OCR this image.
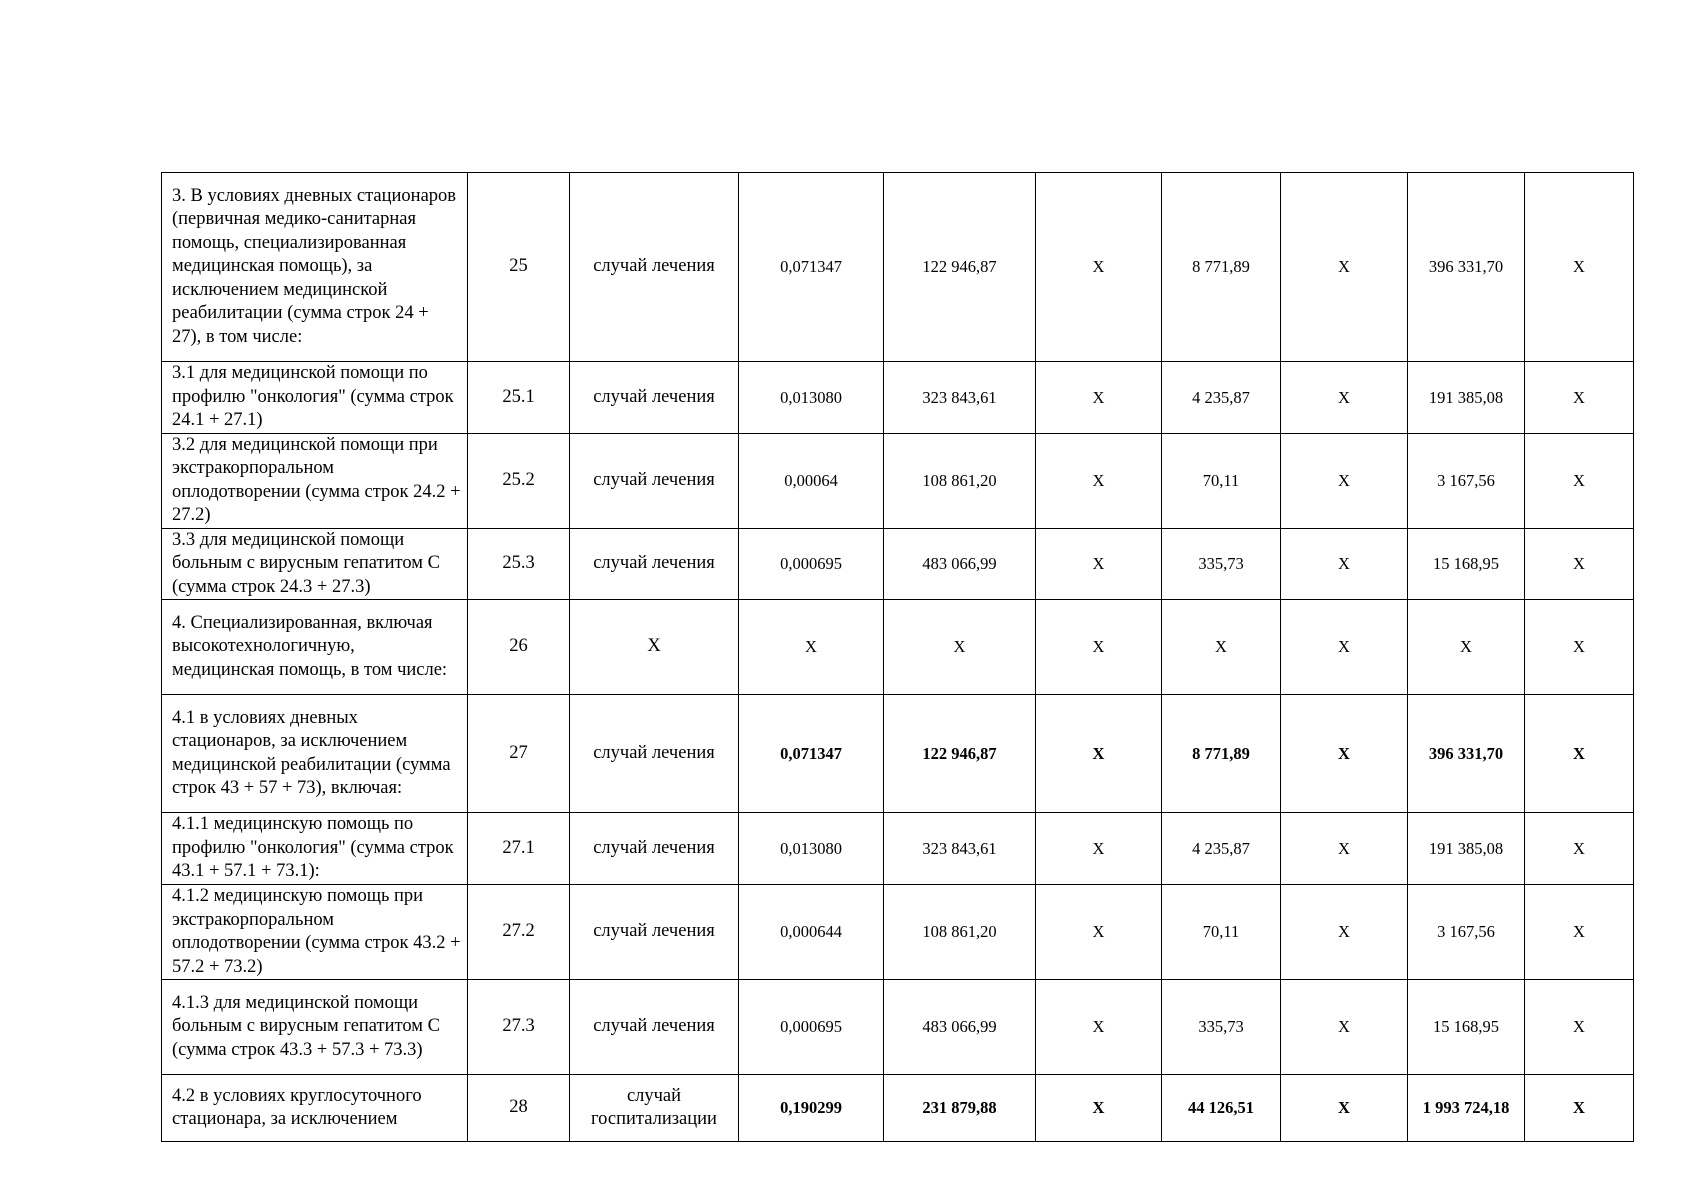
3. В условиях дневных стационаров (первичная медико-санитарная помощь, специализированная медицинская помощь), за исключением медицинской реабилитации (сумма строк 24 + 27), в том числе:	25	случай лечения	0,071347	122 946,87	X	8 771,89	X	396 331,70	X
3.1 для медицинской помощи по профилю "онкология" (сумма строк 24.1 + 27.1)	25.1	случай лечения	0,013080	323 843,61	X	4 235,87	X	191 385,08	X
3.2 для медицинской помощи при экстракорпоральном оплодотворении (сумма строк 24.2 + 27.2)	25.2	случай лечения	0,00064	108 861,20	X	70,11	X	3 167,56	X
3.3 для медицинской помощи больным с вирусным гепатитом С (сумма строк 24.3 + 27.3)	25.3	случай лечения	0,000695	483 066,99	X	335,73	X	15 168,95	X
4. Специализированная, включая высокотехнологичную, медицинская помощь, в том числе:	26	X	X	X	X	X	X	X	X
4.1 в условиях дневных стационаров, за исключением медицинской реабилитации (сумма строк 43 + 57 + 73), включая:	27	случай лечения	0,071347	122 946,87	X	8 771,89	X	396 331,70	X
4.1.1 медицинскую помощь по профилю "онкология" (сумма строк 43.1 + 57.1 + 73.1):	27.1	случай лечения	0,013080	323 843,61	X	4 235,87	X	191 385,08	X
4.1.2 медицинскую помощь при экстракорпоральном оплодотворении (сумма строк 43.2 + 57.2 + 73.2)	27.2	случай лечения	0,000644	108 861,20	X	70,11	X	3 167,56	X
4.1.3 для медицинской помощи больным с вирусным гепатитом С (сумма строк 43.3 + 57.3 + 73.3)	27.3	случай лечения	0,000695	483 066,99	X	335,73	X	15 168,95	X
4.2 в условиях круглосуточного стационара, за исключением	28	случай госпитализации	0,190299	231 879,88	X	44 126,51	X	1 993 724,18	X
